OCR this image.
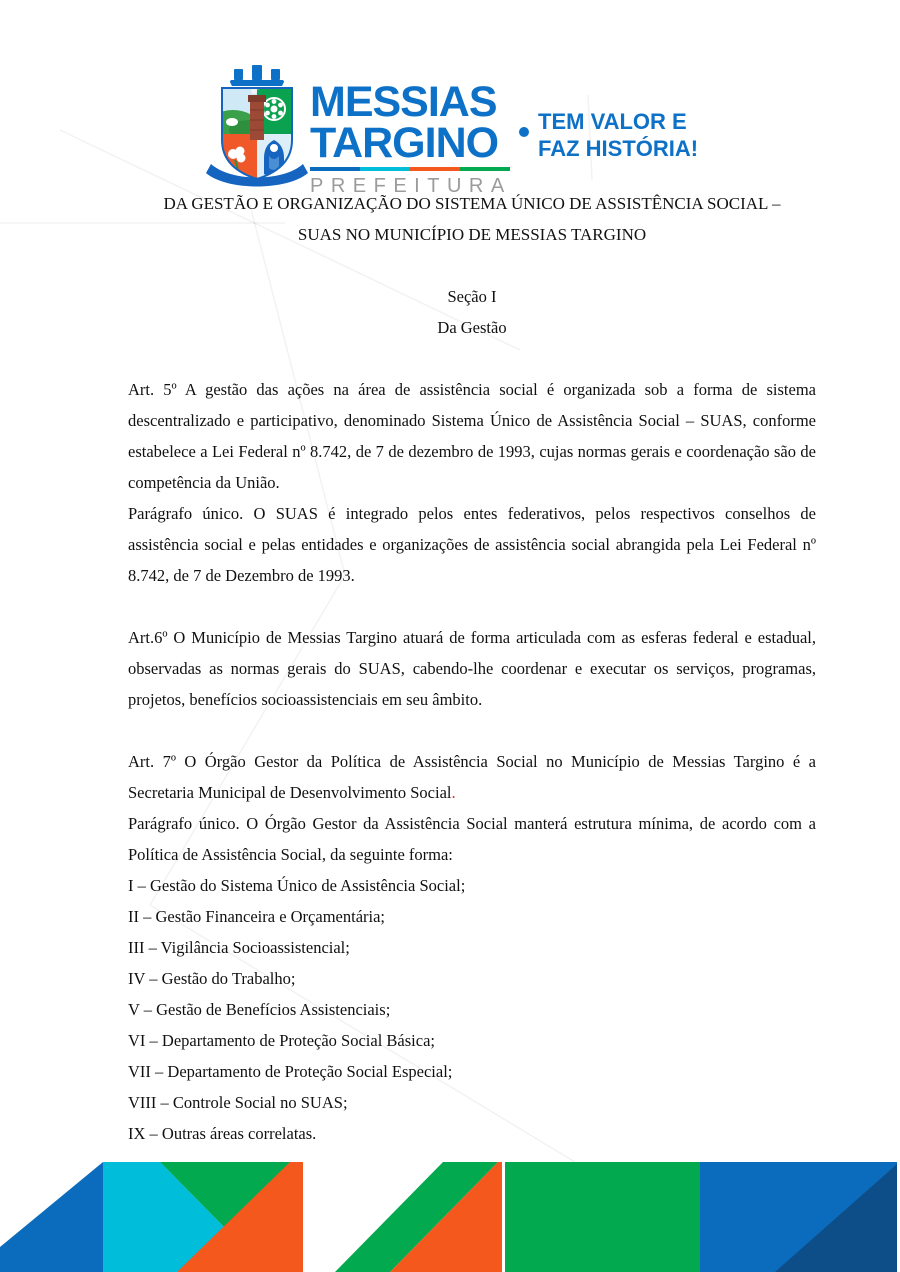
MESSIAS
TARGINO
PREFEITURA
TEM VALOR E
FAZ HISTÓRIA!
DA GESTÃO E ORGANIZAÇÃO DO SISTEMA ÚNICO DE ASSISTÊNCIA SOCIAL –
SUAS NO MUNICÍPIO DE MESSIAS TARGINO
Seção I
Da Gestão

Art. 5º A gestão das ações na área de assistência social é organizada sob a forma de sistema descentralizado e participativo, denominado Sistema Único de Assistência Social – SUAS, conforme estabelece a Lei Federal nº 8.742, de 7 de dezembro de 1993, cujas normas gerais e coordenação são de competência da União.

Parágrafo único. O SUAS é integrado pelos entes federativos, pelos respectivos conselhos de assistência social e pelas entidades e organizações de assistência social abrangida pela Lei Federal nº 8.742, de 7 de Dezembro de 1993.

Art.6º O Município de Messias Targino atuará de forma articulada com as esferas federal e estadual, observadas as normas gerais do SUAS, cabendo-lhe coordenar e executar os serviços, programas, projetos, benefícios socioassistenciais em seu âmbito.

Art. 7º O Órgão Gestor da Política de Assistência Social no Município de Messias Targino é a Secretaria Municipal de Desenvolvimento Social.

Parágrafo único. O Órgão Gestor da Assistência Social manterá estrutura mínima, de acordo com a Política de Assistência Social, da seguinte forma:

I – Gestão do Sistema Único de Assistência Social;
II – Gestão Financeira e Orçamentária;
III – Vigilância Socioassistencial;
IV – Gestão do Trabalho;
V – Gestão de Benefícios Assistenciais;
VI – Departamento de Proteção Social Básica;
VII – Departamento de Proteção Social Especial;
VIII – Controle Social no SUAS;
IX – Outras áreas correlatas.
